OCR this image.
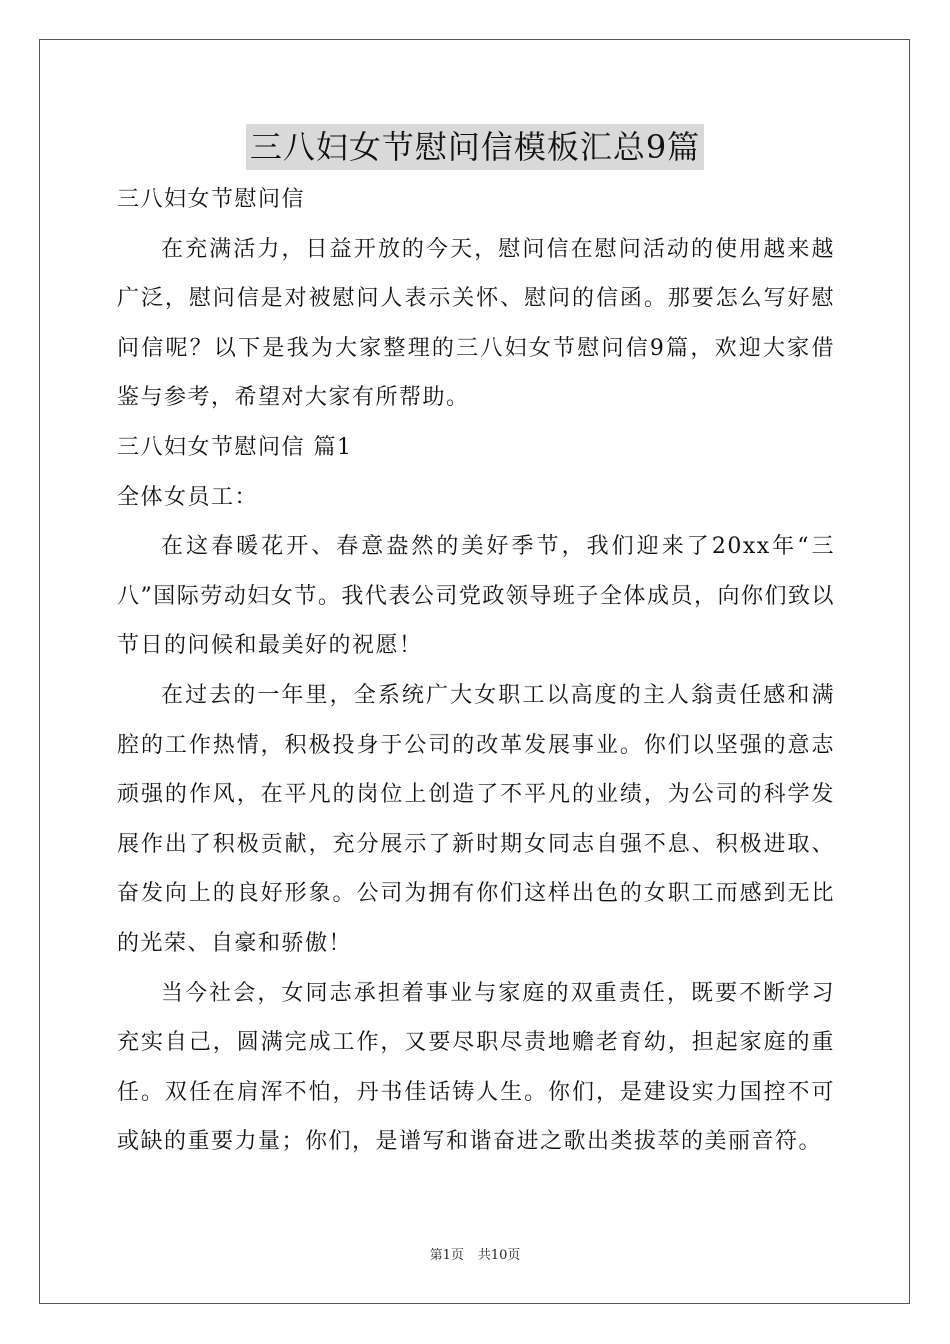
三八妇女节慰问信模板汇总9篇

三八妇女节慰问信

在充满活力，日益开放的今天，慰问信在慰问活动的使用越来越广泛，慰问信是对被慰问人表示关怀、慰问的信函。那要怎么写好慰问信呢？以下是我为大家整理的三八妇女节慰问信9篇，欢迎大家借鉴与参考，希望对大家有所帮助。

三八妇女节慰问信 篇1

全体女员工：

在这春暖花开、春意盎然的美好季节，我们迎来了20xx年“三八”国际劳动妇女节。我代表公司党政领导班子全体成员，向你们致以节日的问候和最美好的祝愿！

在过去的一年里，全系统广大女职工以高度的主人翁责任感和满腔的工作热情，积极投身于公司的改革发展事业。你们以坚强的意志顽强的作风，在平凡的岗位上创造了不平凡的业绩，为公司的科学发展作出了积极贡献，充分展示了新时期女同志自强不息、积极进取、奋发向上的良好形象。公司为拥有你们这样出色的女职工而感到无比的光荣、自豪和骄傲！

当今社会，女同志承担着事业与家庭的双重责任，既要不断学习充实自己，圆满完成工作，又要尽职尽责地赡老育幼，担起家庭的重任。双任在肩浑不怕，丹书佳话铸人生。你们，是建设实力国控不可或缺的重要力量；你们，是谱写和谐奋进之歌出类拔萃的美丽音符。

第1页 共10页
